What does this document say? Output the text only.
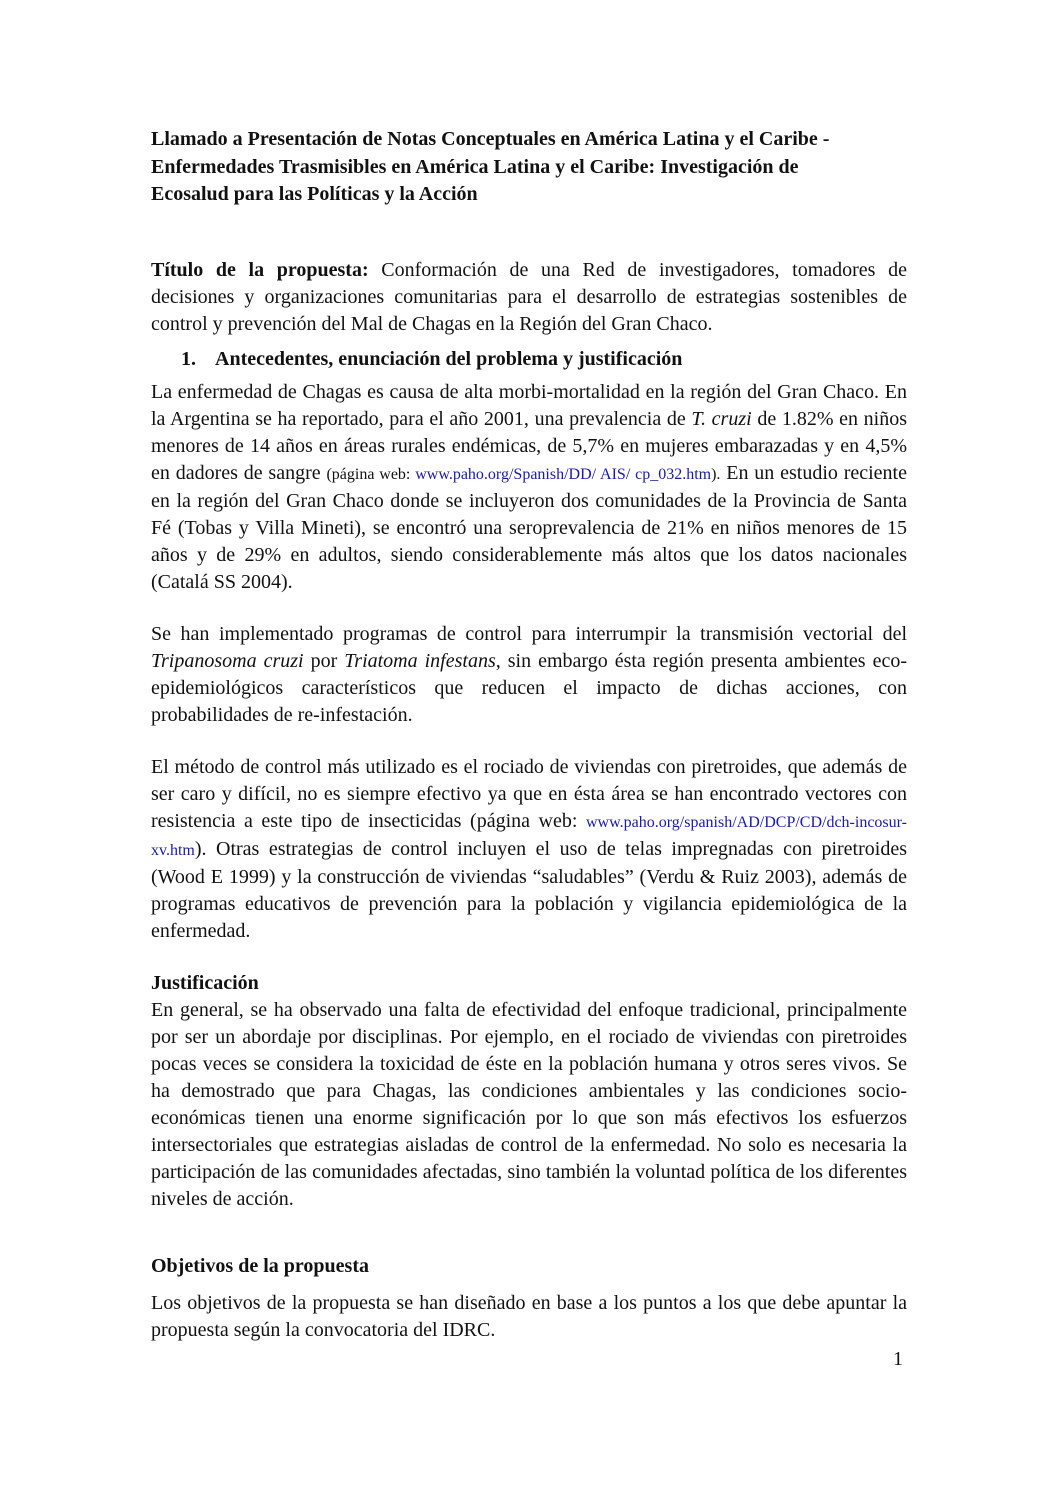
Llamado a Presentación de Notas Conceptuales en América Latina y el Caribe -
Enfermedades Trasmisibles en América Latina y el Caribe: Investigación de
Ecosalud para las Políticas y la Acción

Título de la propuesta: Conformación de una Red de investigadores, tomadores de decisiones y organizaciones comunitarias para el desarrollo de estrategias sostenibles de control y prevención del Mal de Chagas en la Región del Gran Chaco.

1. Antecedentes, enunciación del problema y justificación

La enfermedad de Chagas es causa de alta morbi-mortalidad en la región del Gran Chaco. En la Argentina se ha reportado, para el año 2001, una prevalencia de T. cruzi de 1.82% en niños menores de 14 años en áreas rurales endémicas, de 5,7% en mujeres embarazadas y en 4,5% en dadores de sangre (página web: www.paho.org/Spanish/DD/ AIS/ cp_032.htm). En un estudio reciente en la región del Gran Chaco donde se incluyeron dos comunidades de la Provincia de Santa Fé (Tobas y Villa Mineti), se encontró una seroprevalencia de 21% en niños menores de 15 años y de 29% en adultos, siendo considerablemente más altos que los datos nacionales (Catalá SS 2004).

Se han implementado programas de control para interrumpir la transmisión vectorial del Tripanosoma cruzi por Triatoma infestans, sin embargo ésta región presenta ambientes eco-epidemiológicos característicos que reducen el impacto de dichas acciones, con probabilidades de re-infestación.

El método de control más utilizado es el rociado de viviendas con piretroides, que además de ser caro y difícil, no es siempre efectivo ya que en ésta área se han encontrado vectores con resistencia a este tipo de insecticidas (página web: www.paho.org/spanish/AD/DCP/CD/dch-incosur-xv.htm). Otras estrategias de control incluyen el uso de telas impregnadas con piretroides (Wood E 1999) y la construcción de viviendas “saludables” (Verdu & Ruiz 2003), además de programas educativos de prevención para la población y vigilancia epidemiológica de la enfermedad.

Justificación

En general, se ha observado una falta de efectividad del enfoque tradicional, principalmente por ser un abordaje por disciplinas. Por ejemplo, en el rociado de viviendas con piretroides pocas veces se considera la toxicidad de éste en la población humana y otros seres vivos. Se ha demostrado que para Chagas, las condiciones ambientales y las condiciones socio-económicas tienen una enorme significación por lo que son más efectivos los esfuerzos intersectoriales que estrategias aisladas de control de la enfermedad. No solo es necesaria la participación de las comunidades afectadas, sino también la voluntad política de los diferentes niveles de acción.

Objetivos de la propuesta

Los objetivos de la propuesta se han diseñado en base a los puntos a los que debe apuntar la propuesta según la convocatoria del IDRC.

1
